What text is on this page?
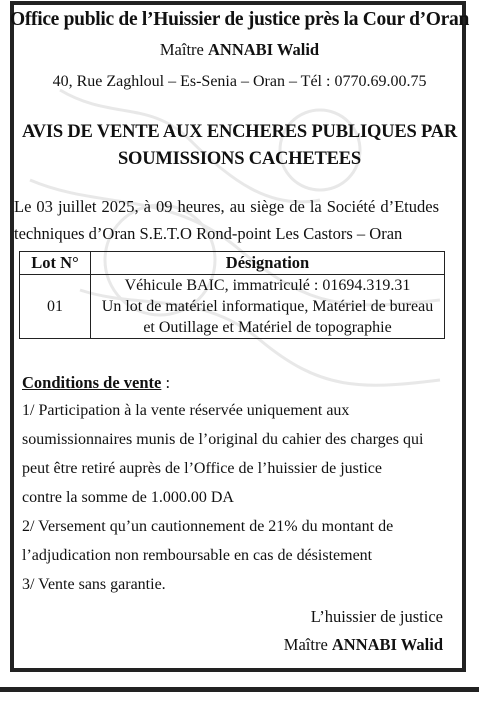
Office public de l’Huissier de justice près la Cour d’Oran
Maître ANNABI Walid
40, Rue Zaghloul – Es-Senia – Oran – Tél : 0770.69.00.75
AVIS DE VENTE AUX ENCHERES PUBLIQUES PAR
SOUMISSIONS CACHETEES
Le 03 juillet 2025, à 09 heures, au siège de la Société d’Etudes
techniques d’Oran S.E.T.O Rond-point Les Castors – Oran
Lot N°	Désignation
01	Véhicule BAIC, immatriculé : 01694.319.31
Un lot de matériel informatique, Matériel de bureau
et Outillage et Matériel de topographie
Conditions de vente :
1/ Participation à la vente réservée uniquement aux
soumissionnaires munis de l’original du cahier des charges qui
peut être retiré auprès de l’Office de l’huissier de justice
contre la somme de 1.000.00 DA
2/ Versement qu’un cautionnement de 21% du montant de
l’adjudication non remboursable en cas de désistement
3/ Vente sans garantie.
L’huissier de justice
Maître ANNABI Walid
